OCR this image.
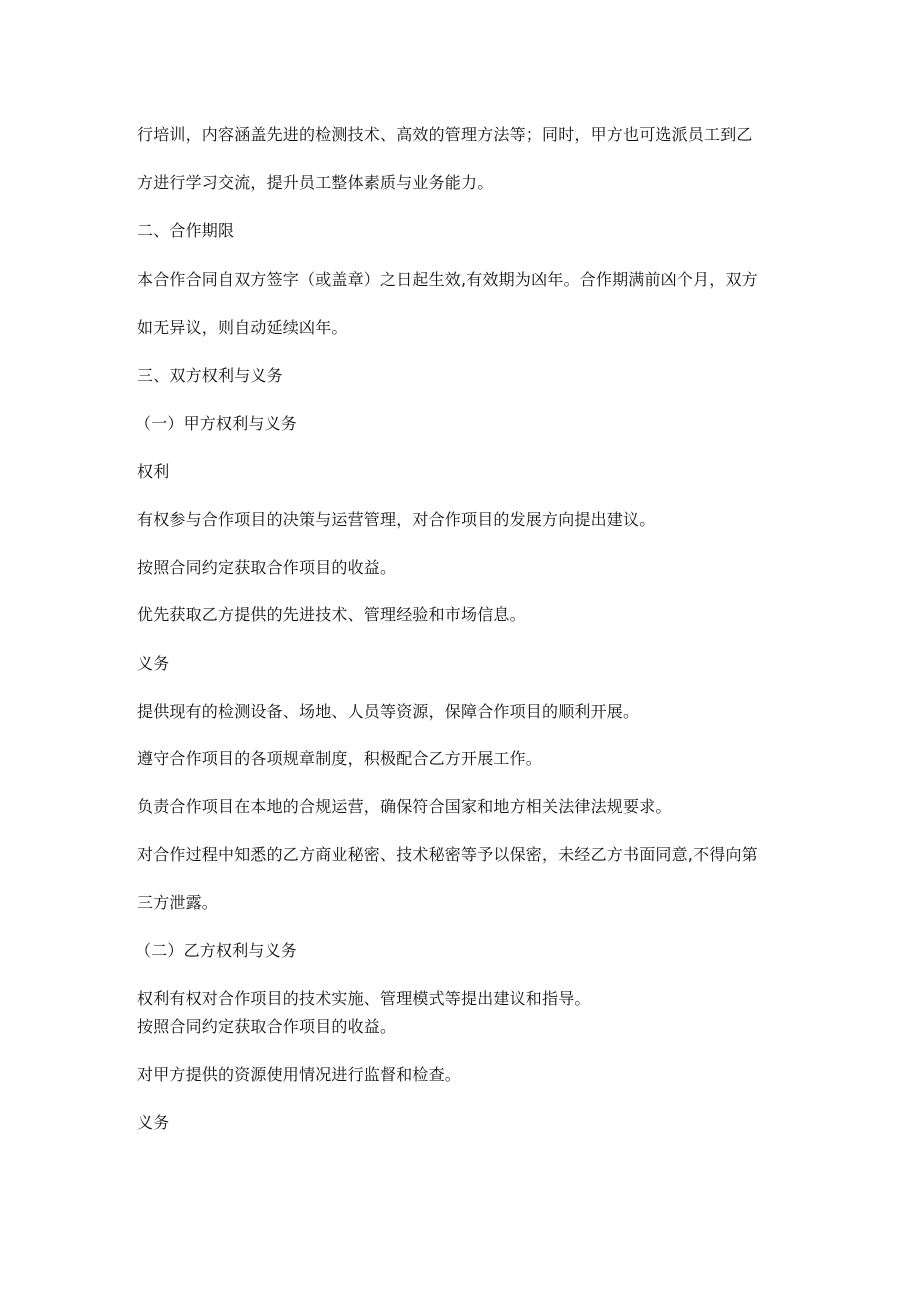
行培训，内容涵盖先进的检测技术、高效的管理方法等；同时，甲方也可选派员工到乙
方进行学习交流，提升员工整体素质与业务能力。
二、合作期限
本合作合同自双方签字（或盖章）之日起生效,有效期为凶年。合作期满前凶个月，双方
如无异议，则自动延续凶年。
三、双方权利与义务
（一）甲方权利与义务
权利
有权参与合作项目的决策与运营管理，对合作项目的发展方向提出建议。
按照合同约定获取合作项目的收益。
优先获取乙方提供的先进技术、管理经验和市场信息。
义务
提供现有的检测设备、场地、人员等资源，保障合作项目的顺利开展。
遵守合作项目的各项规章制度，积极配合乙方开展工作。
负责合作项目在本地的合规运营，确保符合国家和地方相关法律法规要求。
对合作过程中知悉的乙方商业秘密、技术秘密等予以保密，未经乙方书面同意,不得向第
三方泄露。
（二）乙方权利与义务
权利有权对合作项目的技术实施、管理模式等提出建议和指导。
按照合同约定获取合作项目的收益。
对甲方提供的资源使用情况进行监督和检查。
义务
